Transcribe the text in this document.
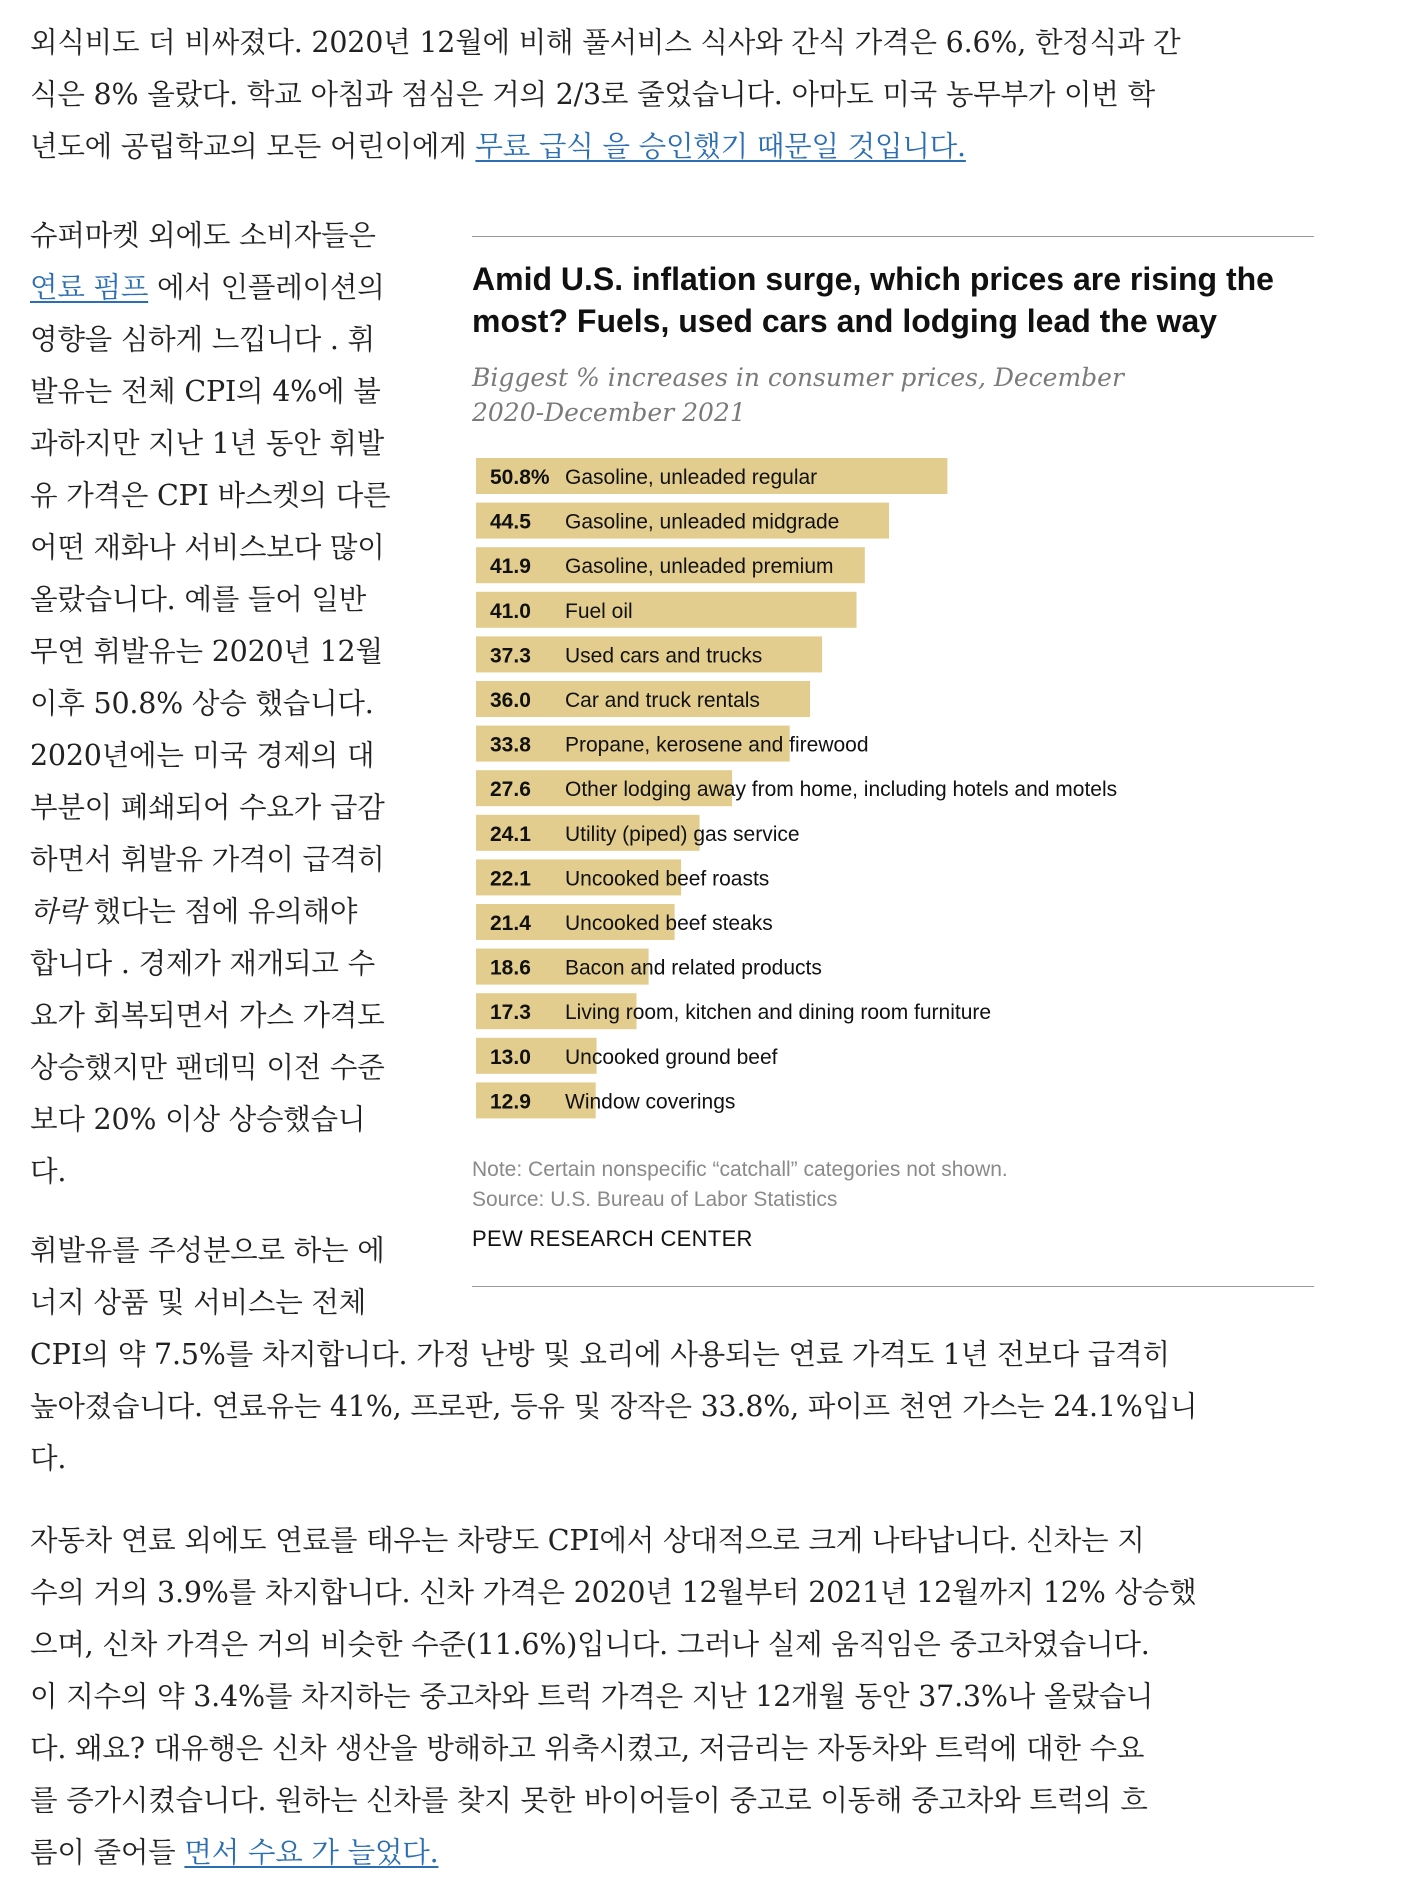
외식비도 더 비싸졌다. 2020년 12월에 비해 풀서비스 식사와 간식 가격은 6.6%, 한정식과 간
식은 8% 올랐다. 학교 아침과 점심은 거의 2/3로 줄었습니다. 아마도 미국 농무부가 이번 학
년도에 공립학교의 모든 어린이에게 무료 급식 을 승인했기 때문일 것입니다.
슈퍼마켓 외에도 소비자들은
연료 펌프 에서 인플레이션의
영향을 심하게 느낍니다 . 휘
발유는 전체 CPI의 4%에 불
과하지만 지난 1년 동안 휘발
유 가격은 CPI 바스켓의 다른
어떤 재화나 서비스보다 많이
올랐습니다. 예를 들어 일반
무연 휘발유는 2020년 12월
이후 50.8% 상승 했습니다.
2020년에는 미국 경제의 대
부분이 폐쇄되어 수요가 급감
하면서 휘발유 가격이 급격히
하락 했다는 점에 유의해야
합니다 . 경제가 재개되고 수
요가 회복되면서 가스 가격도
상승했지만 팬데믹 이전 수준
보다 20% 이상 상승했습니
다.
휘발유를 주성분으로 하는 에
너지 상품 및 서비스는 전체
CPI의 약 7.5%를 차지합니다. 가정 난방 및 요리에 사용되는 연료 가격도 1년 전보다 급격히
높아졌습니다. 연료유는 41%, 프로판, 등유 및 장작은 33.8%, 파이프 천연 가스는 24.1%입니
다.
자동차 연료 외에도 연료를 태우는 차량도 CPI에서 상대적으로 크게 나타납니다. 신차는 지
수의 거의 3.9%를 차지합니다. 신차 가격은 2020년 12월부터 2021년 12월까지 12% 상승했
으며, 신차 가격은 거의 비슷한 수준(11.6%)입니다. 그러나 실제 움직임은 중고차였습니다.
이 지수의 약 3.4%를 차지하는 중고차와 트럭 가격은 지난 12개월 동안 37.3%나 올랐습니
다. 왜요? 대유행은 신차 생산을 방해하고 위축시켰고, 저금리는 자동차와 트럭에 대한 수요
를 증가시켰습니다. 원하는 신차를 찾지 못한 바이어들이 중고로 이동해 중고차와 트럭의 흐
름이 줄어들 면서 수요 가 늘었다.
Amid U.S. inflation surge, which prices are rising the
most? Fuels, used cars and lodging lead the way
Biggest % increases in consumer prices, December
2020-December 2021
50.8% Gasoline, unleaded regular
44.5 Gasoline, unleaded midgrade
41.9 Gasoline, unleaded premium
41.0 Fuel oil
37.3 Used cars and trucks
36.0 Car and truck rentals
33.8 Propane, kerosene and firewood
27.6 Other lodging away from home, including hotels and motels
24.1 Utility (piped) gas service
22.1 Uncooked beef roasts
21.4 Uncooked beef steaks
18.6 Bacon and related products
17.3 Living room, kitchen and dining room furniture
13.0 Uncooked ground beef
12.9 Window coverings
Note: Certain nonspecific “catchall” categories not shown.
Source: U.S. Bureau of Labor Statistics
PEW RESEARCH CENTER
